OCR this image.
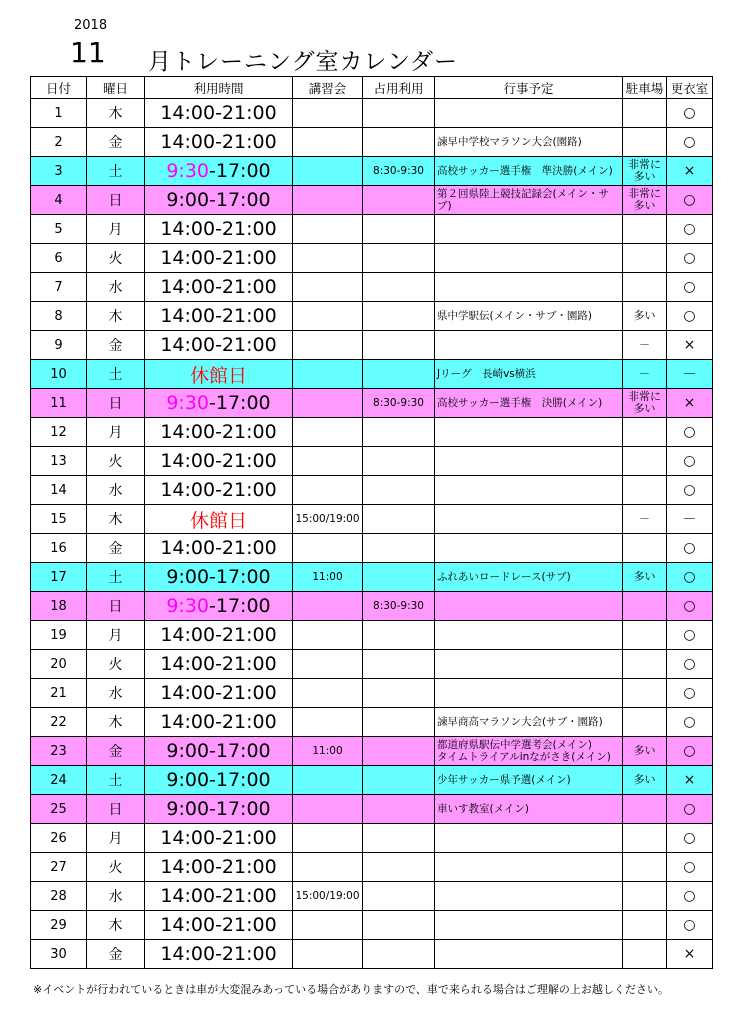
2018
11 月トレーニング室カレンダー
日付	曜日	利用時間	講習会	占用利用	行事予定	駐車場	更衣室
1	木	14:00-21:00					○
2	金	14:00-21:00			諫早中学校マラソン大会(園路)		○
3	土	9:30-17:00		8:30-9:30	高校サッカー選手権　準決勝(メイン)	非常に多い	×
4	日	9:00-17:00			第２回県陸上競技記録会(メイン・サブ)	非常に多い	○
5	月	14:00-21:00					○
6	火	14:00-21:00					○
7	水	14:00-21:00					○
8	木	14:00-21:00			県中学駅伝(メイン・サブ・園路)	多い	○
9	金	14:00-21:00				－	×
10	土	休館日			Jリーグ　長崎vs横浜	－	－
11	日	9:30-17:00		8:30-9:30	高校サッカー選手権　決勝(メイン)	非常に多い	×
12	月	14:00-21:00					○
13	火	14:00-21:00					○
14	水	14:00-21:00					○
15	木	休館日	15:00/19:00			－	－
16	金	14:00-21:00					○
17	土	9:00-17:00	11:00		ふれあいロードレース(サブ)	多い	○
18	日	9:30-17:00		8:30-9:30			○
19	月	14:00-21:00					○
20	火	14:00-21:00					○
21	水	14:00-21:00					○
22	木	14:00-21:00			諫早商高マラソン大会(サブ・園路)		○
23	金	9:00-17:00	11:00		都道府県駅伝中学選考会(メイン)
タイムトライアルinながさき(メイン)	多い	○
24	土	9:00-17:00			少年サッカー県予選(メイン)	多い	×
25	日	9:00-17:00			車いす教室(メイン)		○
26	月	14:00-21:00					○
27	火	14:00-21:00					○
28	水	14:00-21:00	15:00/19:00				○
29	木	14:00-21:00					○
30	金	14:00-21:00					×
※イベントが行われているときは車が大変混みあっている場合がありますので、車で来られる場合はご理解の上お越しください。
